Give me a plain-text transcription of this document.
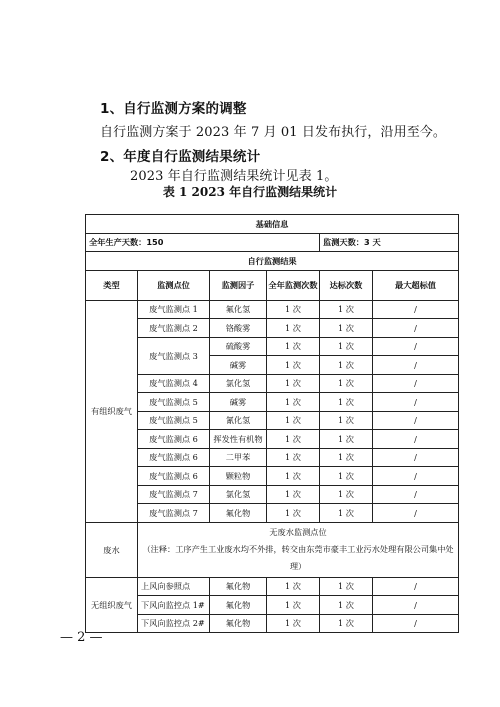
1、自行监测方案的调整
自行监测方案于 2023 年 7 月 01 日发布执行，沿用至今。
2、年度自行监测结果统计
2023 年自行监测结果统计见表 1。
表 1 2023 年自行监测结果统计
基础信息					
全年生产天数：150				监测天数：3 天	
自行监测结果					
类型	监测点位	监测因子	全年监测次数	达标次数	最大超标值
有组织废气	废气监测点 1	氟化氢	1 次	1 次	/
	废气监测点 2	铬酸雾	1 次	1 次	/
	废气监测点 3	硫酸雾	1 次	1 次	/
		碱雾	1 次	1 次	/
	废气监测点 4	氯化氢	1 次	1 次	/
	废气监测点 5	碱雾	1 次	1 次	/
	废气监测点 5	氰化氢	1 次	1 次	/
	废气监测点 6	挥发性有机物	1 次	1 次	/
	废气监测点 6	二甲苯	1 次	1 次	/
	废气监测点 6	颗粒物	1 次	1 次	/
	废气监测点 7	氯化氢	1 次	1 次	/
	废气监测点 7	氟化物	1 次	1 次	/
废水	无废水监测点位
（注释：工序产生工业废水均不外排，转交由东莞市豪丰工业污水处理有限公司集中处理）				

无组织废气	上风向参照点	氟化物	1 次	1 次	/
	下风向监控点 1#	氟化物	1 次	1 次	/
	下风向监控点 2#	氟化物	1 次	1 次	/
— 2 —
